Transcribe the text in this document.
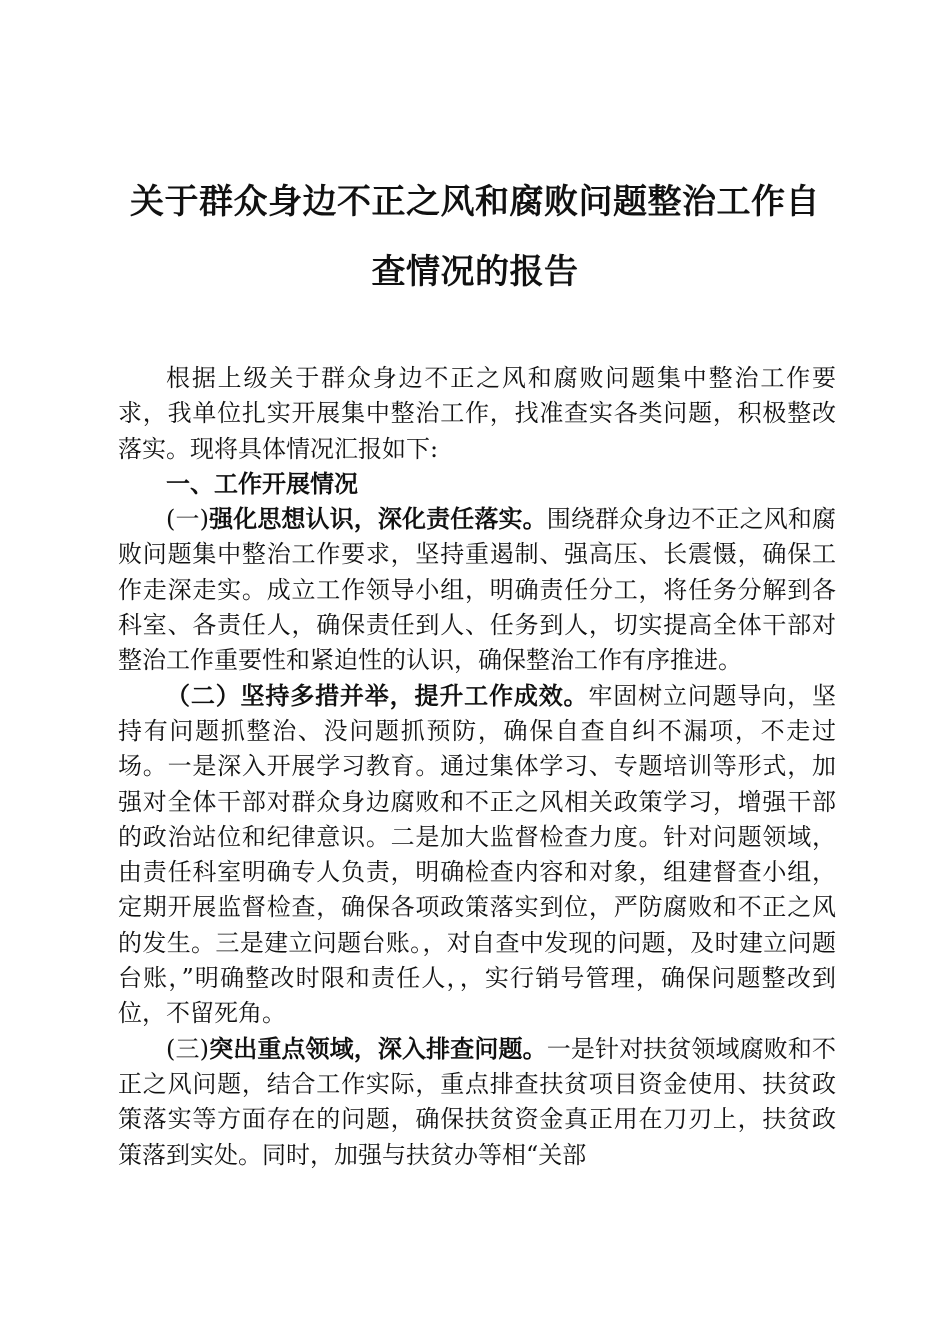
关于群众身边不正之风和腐败问题整治工作自
查情况的报告

根据上级关于群众身边不正之风和腐败问题集中整治工作要求，我单位扎实开展集中整治工作，找准查实各类问题，积极整改落实。现将具体情况汇报如下:

一、工作开展情况

(一)强化思想认识，深化责任落实。围绕群众身边不正之风和腐败问题集中整治工作要求，坚持重遏制、强高压、长震慑，确保工作走深走实。成立工作领导小组，明确责任分工，将任务分解到各科室、各责任人，确保责任到人、任务到人，切实提高全体干部对整治工作重要性和紧迫性的认识，确保整治工作有序推进。

（二）坚持多措并举，提升工作成效。牢固树立问题导向，坚持有问题抓整治、没问题抓预防，确保自查自纠不漏项，不走过场。一是深入开展学习教育。通过集体学习、专题培训等形式，加强对全体干部对群众身边腐败和不正之风相关政策学习，增强干部的政治站位和纪律意识。二是加大监督检查力度。针对问题领域，由责任科室明确专人负责，明确检查内容和对象，组建督查小组，定期开展监督检查，确保各项政策落实到位，严防腐败和不正之风的发生。三是建立问题台账。，对自查中发现的问题，及时建立问题台账，”明确整改时限和责任人，，实行销号管理，确保问题整改到位，不留死角。

(三)突出重点领域，深入排查问题。一是针对扶贫领域腐败和不正之风问题，结合工作实际，重点排查扶贫项目资金使用、扶贫政策落实等方面存在的问题，确保扶贫资金真正用在刀刃上，扶贫政策落到实处。同时，加强与扶贫办等相“关部
